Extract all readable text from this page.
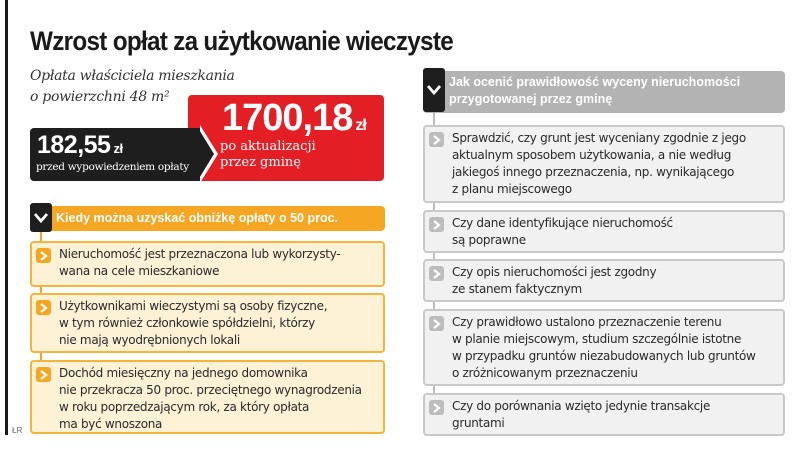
ŁR
Wzrost opłat za użytkowanie wieczyste
Opłata właściciela mieszkania
o powierzchni 48 m²	1700,18 zł
po aktualizacji
przez gminę
182,55 zł
przed wypowiedzeniem opłaty

Kiedy można uzyskać obniżkę opłaty o 50 proc.

Nieruchomość jest przeznaczona lub wykorzysty-
wana na cele mieszkaniowe
Użytkownikami wieczystymi są osoby fizyczne,
w tym również członkowie spółdzielni, którzy
nie mają wyodrębnionych lokali
Dochód miesięczny na jednego domownika
nie przekracza 50 proc. przeciętnego wynagrodzenia
w roku poprzedzającym rok, za który opłata
ma być wnoszona

Jak ocenić prawidłowość wyceny nieruchomości
przygotowanej przez gminę

Sprawdzić, czy grunt jest wyceniany zgodnie z jego
aktualnym sposobem użytkowania, a nie według
jakiegoś innego przeznaczenia, np. wynikającego
z planu miejscowego
Czy dane identyfikujące nieruchomość
są poprawne
Czy opis nieruchomości jest zgodny
ze stanem faktycznym
Czy prawidłowo ustalono przeznaczenie terenu
w planie miejscowym, studium szczególnie istotne
w przypadku gruntów niezabudowanych lub gruntów
o zróżnicowanym przeznaczeniu
Czy do porównania wzięto jedynie transakcje
gruntami
